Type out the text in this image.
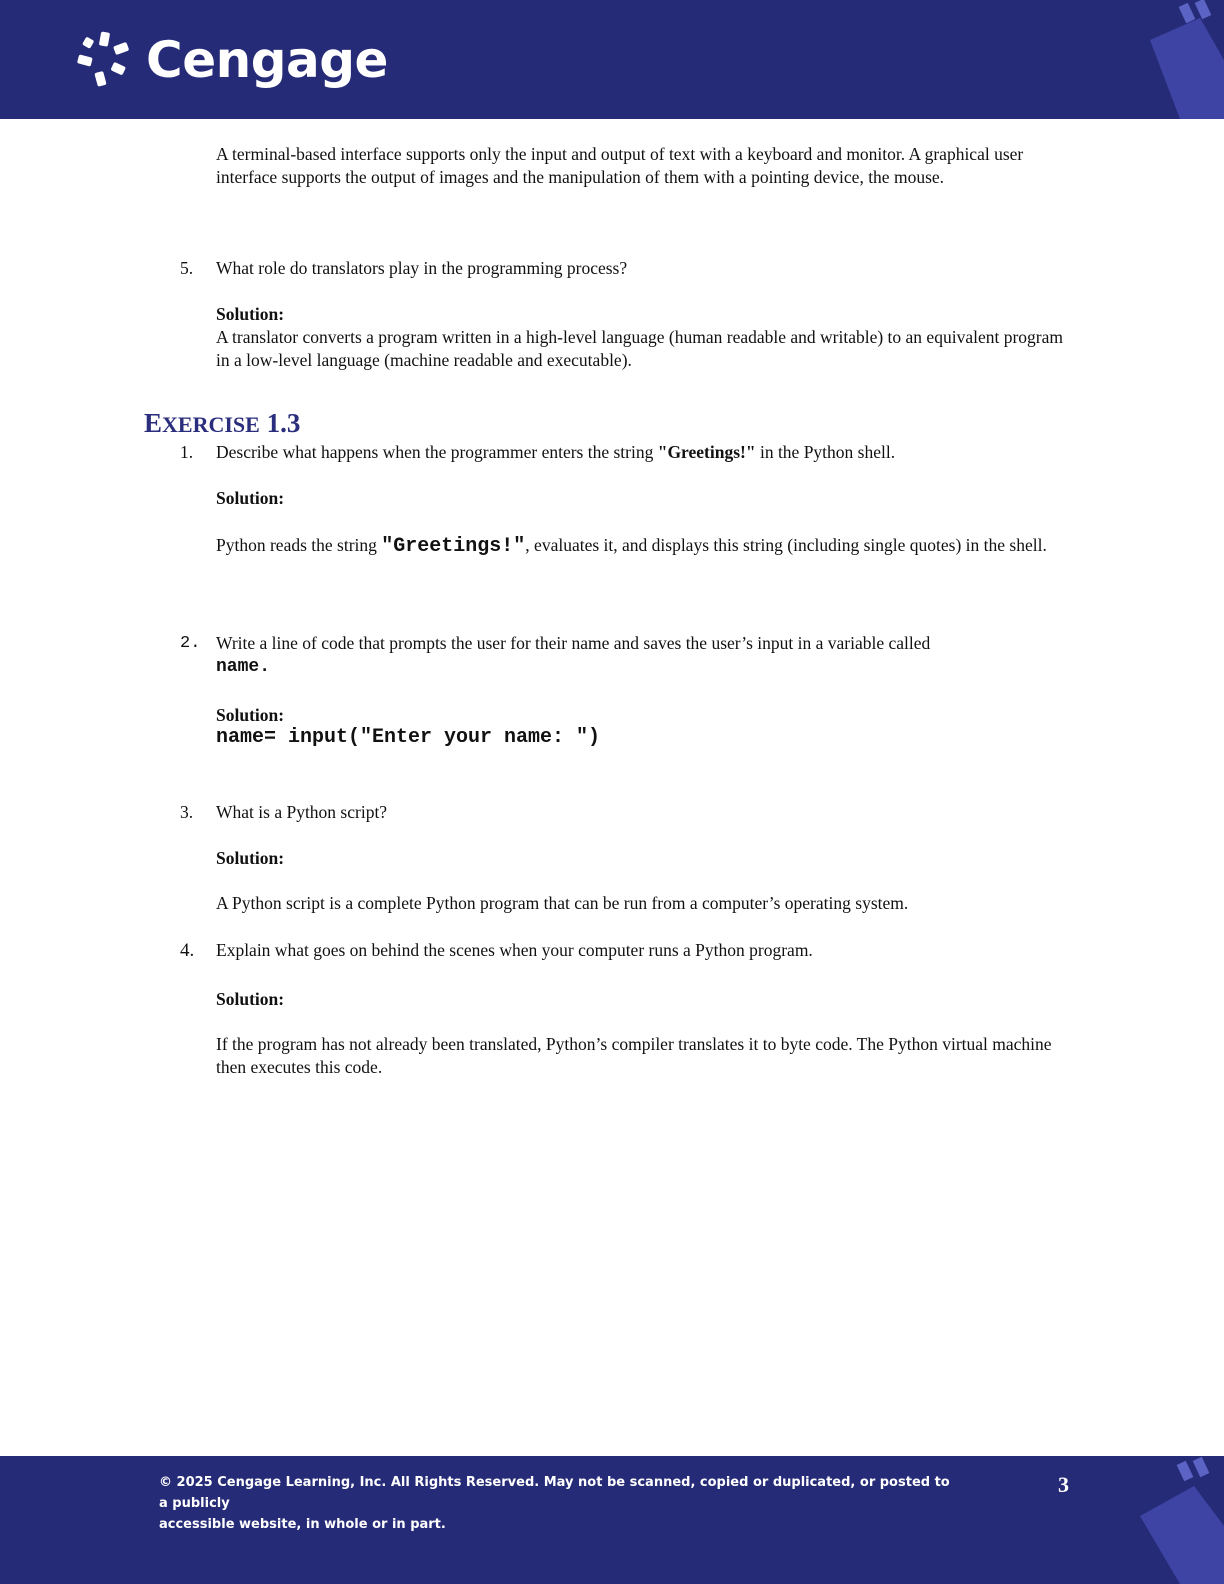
Cengage
A terminal-based interface supports only the input and output of text with a keyboard and monitor. A graphical user interface supports the output of images and the manipulation of them with a pointing device, the mouse.
5. What role do translators play in the programming process?
Solution:
A translator converts a program written in a high-level language (human readable and writable) to an equivalent program in a low-level language (machine readable and executable).
EXERCISE 1.3
1. Describe what happens when the programmer enters the string "Greetings!" in the Python shell.
Solution:
Python reads the string "Greetings!", evaluates it, and displays this string (including single quotes) in the shell.
2. Write a line of code that prompts the user for their name and saves the user’s input in a variable called
name.
Solution:
name= input("Enter your name: ")
3. What is a Python script?
Solution:
A Python script is a complete Python program that can be run from a computer’s operating system.
4. Explain what goes on behind the scenes when your computer runs a Python program.
Solution:
If the program has not already been translated, Python’s compiler translates it to byte code. The Python virtual machine then executes this code.
© 2025 Cengage Learning, Inc. All Rights Reserved. May not be scanned, copied or duplicated, or posted to a publicly
accessible website, in whole or in part.
3
